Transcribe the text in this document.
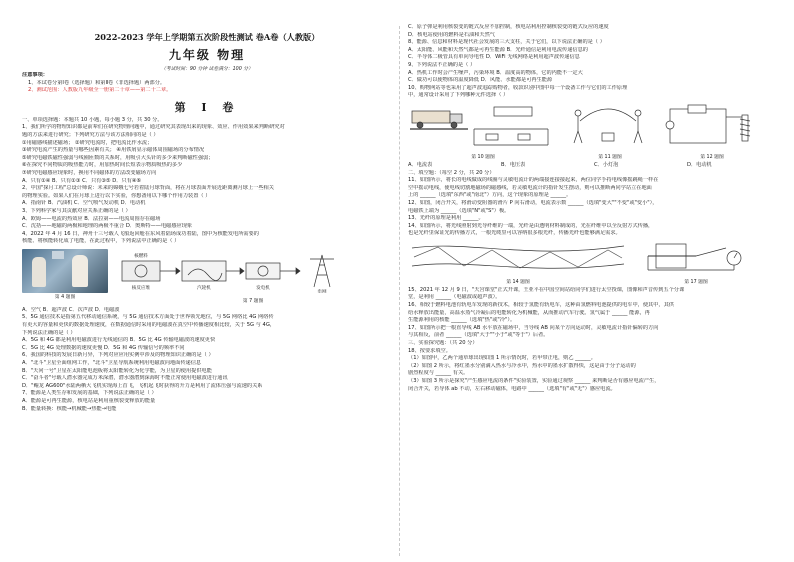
2022-2023 学年上学期第五次阶段性测试 卷A卷（人教版）
九年级 物理
（考试时间：90 分钟 试卷满分：100 分）
注意事项：
1、本试卷分第Ⅰ卷（选择题）和第Ⅱ卷（非选择题）两部分。
2、测试范围：人教版九年级全一册第二十章——第二十二章。
第 Ⅰ 卷
一、单项选择题：本题共 10 小题，每小题 3 分，共 30 分。
1、我们所学的物理知识都是前辈们在研究物理问题中，通过研究其表现出来的现象、效应、作用效果来判断研究对
题的方法来进行研究；下列研究方法与该方法相同的是（ ）
①用磁感线描述磁场； ②研究电流时，把电流比作水流；
③研究电流产生的热量与哪些因素有关； ④用铁屑显示磁体周围磁场的分布情况
⑤研究电磁铁磁性强弱与线圈匝数的关系时，用吸引大头针的多少来判断磁性强弱；
⑥在探究不同物质的吸热能力时，用加热时间长短表示物质吸热的多少
⑦研究电磁感应现象时，换用不同磁体的方法改变磁场方向
A．只有①④ B．只有①③ C．只有③⑤ D．只有④⑥
2、中国"探月工程"总设计师说：未来的嫦娥七号若着陆月球背面，将在月球表面开展近距离测月球上一些相关
的物理实验。如果人们在月球上进行以下实验，你想备用以下哪个作用力装置（ ）
A．指南针 B．汽油机 C．空气喷气发动机 D．电动机
3、下列科学家与其贡献对应关系正确的是（ ）
A．欧姆——电流的热效应 B．法拉第——电流周围存在磁场
C．沈括——地磁的两极和地理的两极不重合 D．奥斯特——电磁感应现象
4、2022 年 4 月 16 日，神舟十三号载人飞船返回舱在东风着陆场成功着陆，图中为核能发电所需要的
核能、将核能转化成了电能，在此过程中，下列说法中正确的是（ ）
第 4 题图
核燃料
核反应堆	汽轮机	发电机
电网
第 7 题图
A．空气 B．超声波 C．次声波 D．电磁波
5、5G 通信技术是指第五代移动通信系统，与 5G 通信技术方面处于世界领先地位，与 5G 网络比 4G 网络传
有更大的容量和更快的数据处理速度，在数据通信时采用的电磁波在真空中传播速度相比较，关于 5G 与 4G，
下列说法正确的是（ ）
A．5G 和 4G 都是利用电磁波进行无线通信的 B．5G 比 4G 传输电磁波的速度更快
C．5G 比 4G 处理数据的速度更慢 D．5G 和 4G 传输信号的频率不同
6、我国的科技的发展日新月异，下列对应应用实例中涉及的物理知识正确的是（ ）
A．"北斗"卫星全面组网工作，"北斗"卫星导航系统利用电磁波向地面传递信息
B．"天问一号"卫星在太阳能电池板将太阳能转化为化学能，为卫星的使用提供电能
C．"奋斗者"号载人潜水器完成万米深潜，潜水器潜到深海时不能正常使用电磁波进行通讯
D．"鲲龙 AG600"水陆两栖大飞机实现海上首飞，飞机起飞时获得的升力是利用了流体压强与流速的关系
7、能源是人类生存和发展的基础，下列说法正确的是（ ）
A．能源是可再生能源，核电站是利用重核裂变释放的能量
B．能量转换：核能→机械能→热能→电能
C．原子弹是利用核裂变的链式反应不加控制，核电站利用控制核裂变的链式反应的速度
D．核电站使用的燃料是石油和天然气
8、能源、信息和材料是现代社会发展的三大支柱，关于它们，以下说法正确的是（ ）
A．太阳能、风能和天然气都是可再生能源 B．光纤通信是利用电流传递信息的
C．半导体二极管具有单向导电性 D．WiFi 无线网络是利用超声波传递信息
9、下列说法不正确的是（ ）
A．热机工作时会产生噪声，污染环境 B．温度高的物体，它的内能不一定大
C．做功可以使物体的温度降低 D．风能、水能都是可再生能源
10、购物网站等也采用了超声波追踪购物者，收款识别中图中每一个设备工作与它们的工作原理
中，通常设计采用了下列哪种元件选择（ ）
第 10 题图	第 11 题图	第 12 题图
A．电流表	B．电压表	C．小灯泡	D．电动机
二、填空题：（每空 2 分，共 20 分）
11、如图所示，将长的电线做成的线圈与灵敏电流计的两端接连接接起来，两位同学手持电线像摇跳绳一样在
空中摇动电线，使电线切割地磁场的磁感线，若灵敏电流计的指针发生摆动，则可以推断两同学站立在地面
上的 ______（选填"东西"或"南北"）方向，这个现象的原理是 ______。
12、如图，闭合开关，将滑动变阻器的滑片 P 向右滑动，电流表示数 ______（选填"变大""不变"或"变小"），
电磁铁上端为 ______（选填"N"或"S"）极。
13、光纤的原理是利用 ______。
14、如图所示，将光线照射到光导纤维的一端，光纤是由透明材料制成的，光在纤维中以全反射方式传播，
也是光纤里保证光的传播方式，一根光缆里可以容纳很多根光纤，传播光纤也能够满足需求。
第 14 题图	第 17 题图
15、2021 年 12 月 9 日，"天宫课堂"正式开课，王亚平在中国空间站给同学们进行太空授课，图像和声音传到五个分课
堂，是利用 ______（电磁波或超声波）。
16、相较于燃料电池有轨电车发现的新技术，相较于氢能有轨电车，这种由氢燃料电池提供的电车中，使其中，其供
给水释放出能量，高温水蒸气冷凝后的电能转化为机械能，从而推动汽车行驶。氢气属于 ______ 能源，再
生能源利用的核能 ______（选填"热"或"冷"）。
17、如图所示把一根直导线 AB 水平放在磁场中，当导线 AB 向某个方向运动时，灵敏电流计指针偏转的方向
与其相反，前者 ______（选填"大于""小于"或"等于"）后者。
三、实验探究题：（共 20 分）
18、按要求填空。
（1）如图甲，乙两个通草球出现如图 1 所示情况时，若甲带正电，则乙 ______。
（2）如图 2 所示，将红墨水分别滴入热水与冷水中，热水中的墨水扩散得快，这是由于分子运动的
剧烈程度与 ______ 有关。
（3）如图 3 所示是探究"产生感应电流的条件"实验装置，实验通过观察 ______ 来判断是否有感应电流产生，
闭合开关，若导体 ab 不动，左右移动磁体，电路中 ______（选填"有"或"无"）感应电流。
